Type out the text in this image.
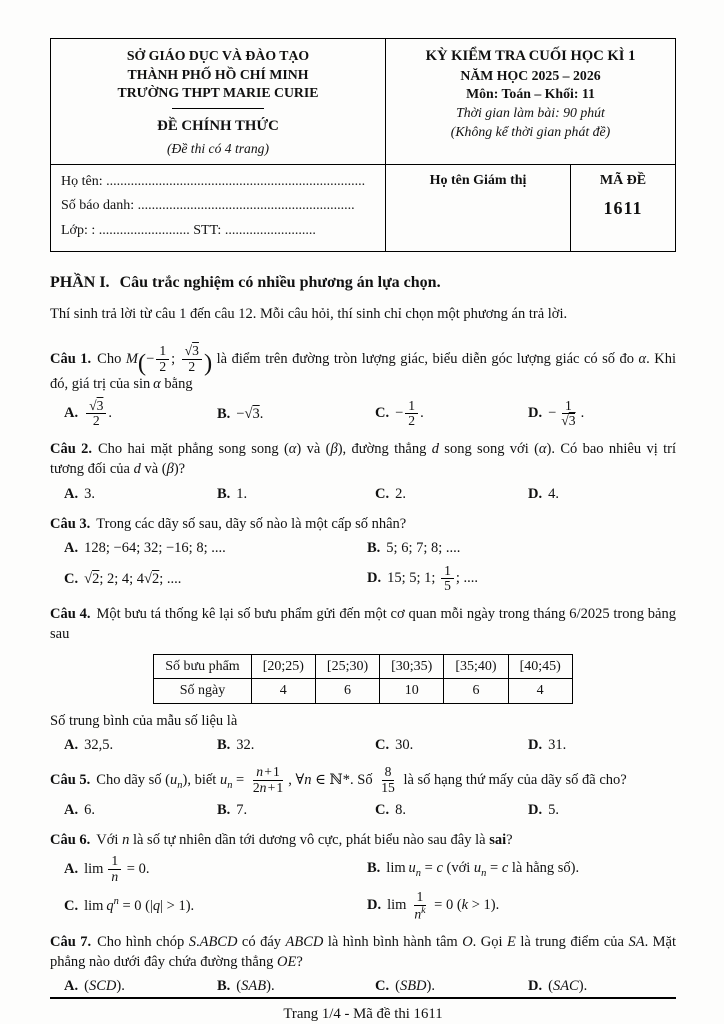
SỞ GIÁO DỤC VÀ ĐÀO TẠO
THÀNH PHỐ HỒ CHÍ MINH
TRƯỜNG THPT MARIE CURIE
ĐỀ CHÍNH THỨC
(Đề thi có 4 trang)
KỲ KIỂM TRA CUỐI HỌC KÌ 1
NĂM HỌC 2025 – 2026
Môn: Toán – Khối: 11
Thời gian làm bài: 90 phút
(Không kể thời gian phát đề)
Họ tên: ..........................................................................
Số báo danh: ..............................................................
Lớp: : .......................... STT: ..........................
Họ tên Giám thị	MÃ ĐỀ
1611
PHẦN I. Câu trắc nghiệm có nhiều phương án lựa chọn.

Thí sinh trả lời từ câu 1 đến câu 12. Mỗi câu hỏi, thí sinh chỉ chọn một phương án trả lời.

Câu 1. Cho $M(- \frac{1}{2}$ ; $\frac{√3}{2}$ ) là điểm trên đường tròn lượng giác, biểu diễn góc lượng giác có số đo α. Khi đó, giá trị của sin α bằng

A. $\frac{√3}{2}$ .	B. −√3.	C. − $\frac{1}{2}$ .	D. − $\frac{1}{√3}$ .

Câu 2. Cho hai mặt phẳng song song (α) và (β), đường thẳng d song song với (α). Có bao nhiêu vị trí tương đối của d và (β)?

A. 3.	B. 1.	C. 2.	D. 4.

Câu 3. Trong các dãy số sau, dãy số nào là một cấp số nhân?

A. 128; −64; 32; −16; 8; ....	B. 5; 6; 7; 8; ....
C. √2; 2; 4; 4√2; ....	D. 15; 5; 1; $\frac{1}{5}$ ; ....

Câu 4. Một bưu tá thống kê lại số bưu phẩm gửi đến một cơ quan mỗi ngày trong tháng 6/2025 trong bảng sau

Số bưu phẩm	[20;25)	[25;30)	[30;35)	[35;40)	[40;45)
Số ngày	4	6	10	6	4

Số trung bình của mẫu số liệu là

A. 32,5.	B. 32.	C. 30.	D. 31.

Câu 5. Cho dãy số $(u_n)$, biết $u_n = \frac{n + 1}{2n + 1}$ , ∀n ∈ ℕ*. Số $\frac{8}{15}$ là số hạng thứ mấy của dãy số đã cho?

A. 6.	B. 7.	C. 8.	D. 5.

Câu 6. Với n là số tự nhiên dần tới dương vô cực, phát biểu nào sau đây là sai?

A. $\lim \frac{1}{n} = 0$.	B. $\lim u_n = c$ (với $u_n = c$ là hằng số).
C. $\lim q^n = 0$ (|q| > 1).	D. $\lim \frac{1}{n^k} = 0$ (k > 1).

Câu 7. Cho hình chóp S.ABCD có đáy ABCD là hình bình hành tâm O. Gọi E là trung điểm của SA. Mặt phẳng nào dưới đây chứa đường thẳng OE?

A. (SCD).	B. (SAB).	C. (SBD).	D. (SAC).
Trang 1/4 - Mã đề thi 1611
